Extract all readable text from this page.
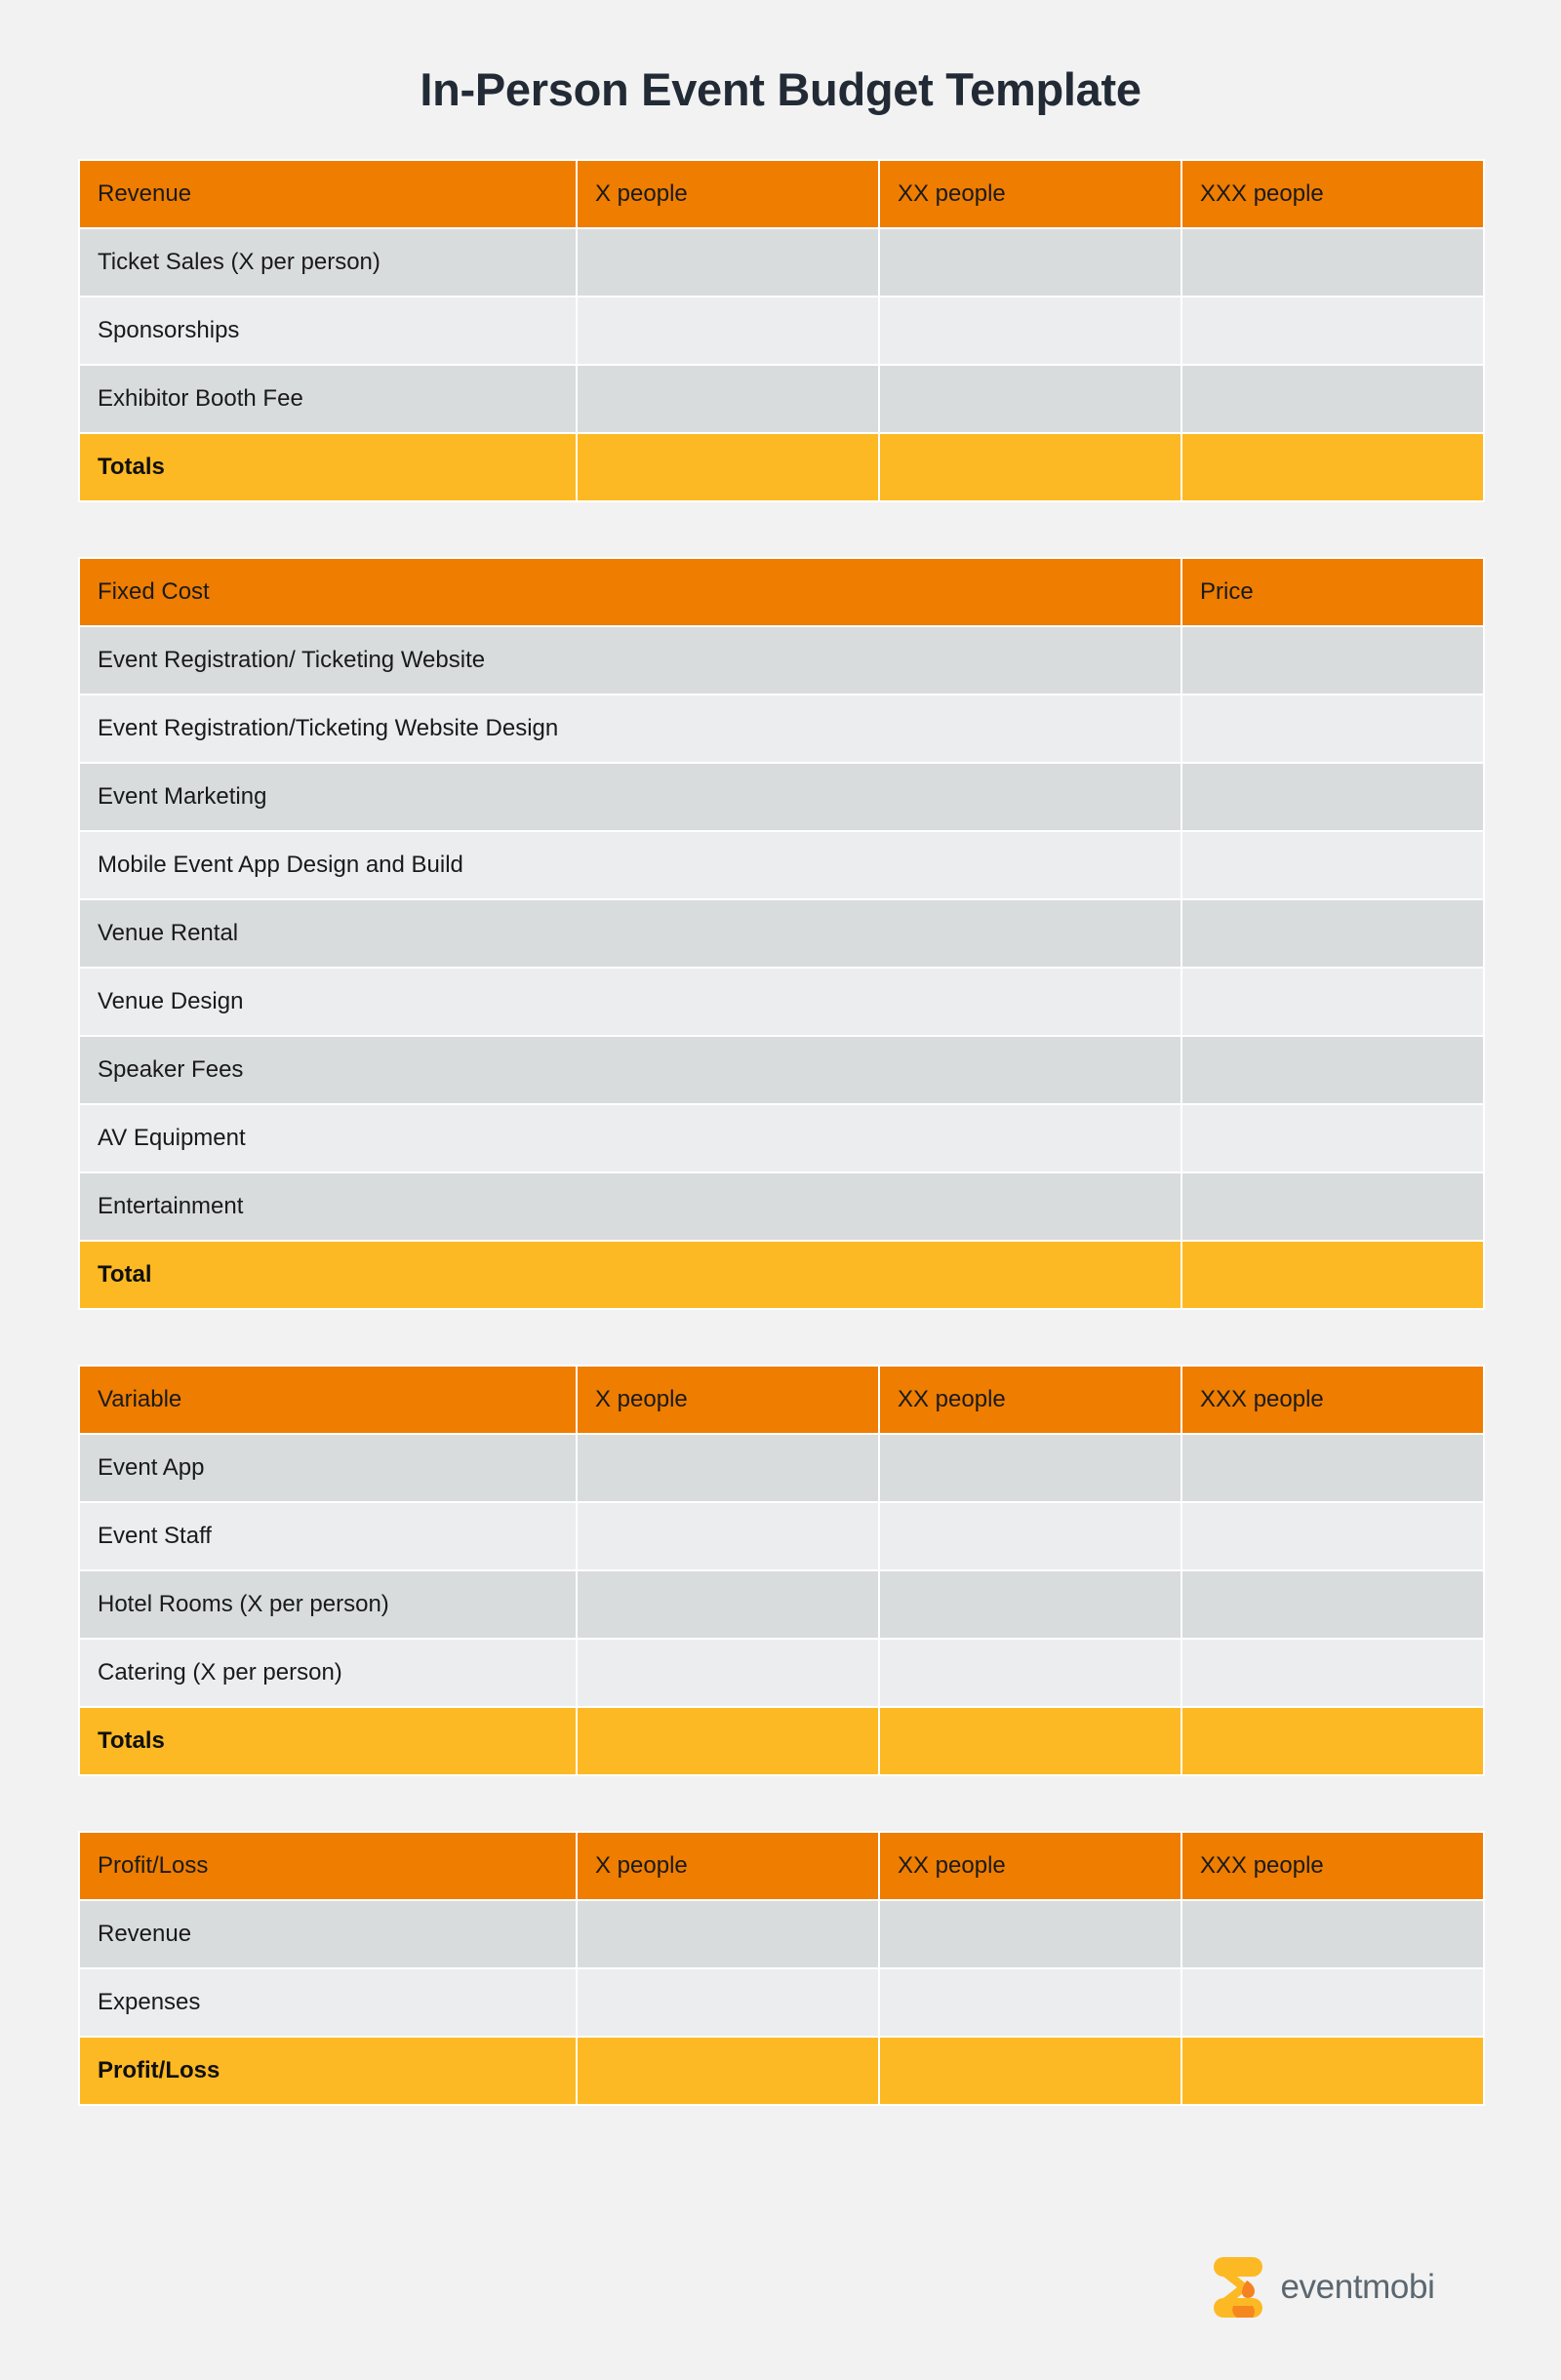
In-Person Event Budget Template
Revenue	X people	XX people	XXX people
Ticket Sales (X per person)			
Sponsorships			
Exhibitor Booth Fee			
Totals			
Fixed Cost	Price
Event Registration/ Ticketing Website	
Event Registration/Ticketing Website Design	
Event Marketing	
Mobile Event App Design and Build	
Venue Rental	
Venue Design	
Speaker Fees	
AV Equipment	
Entertainment	
Total	
Variable	X people	XX people	XXX people
Event App			
Event Staff			
Hotel Rooms (X per person)			
Catering (X per person)			
Totals			
Profit/Loss	X people	XX people	XXX people
Revenue			
Expenses			
Profit/Loss			
eventmobi
